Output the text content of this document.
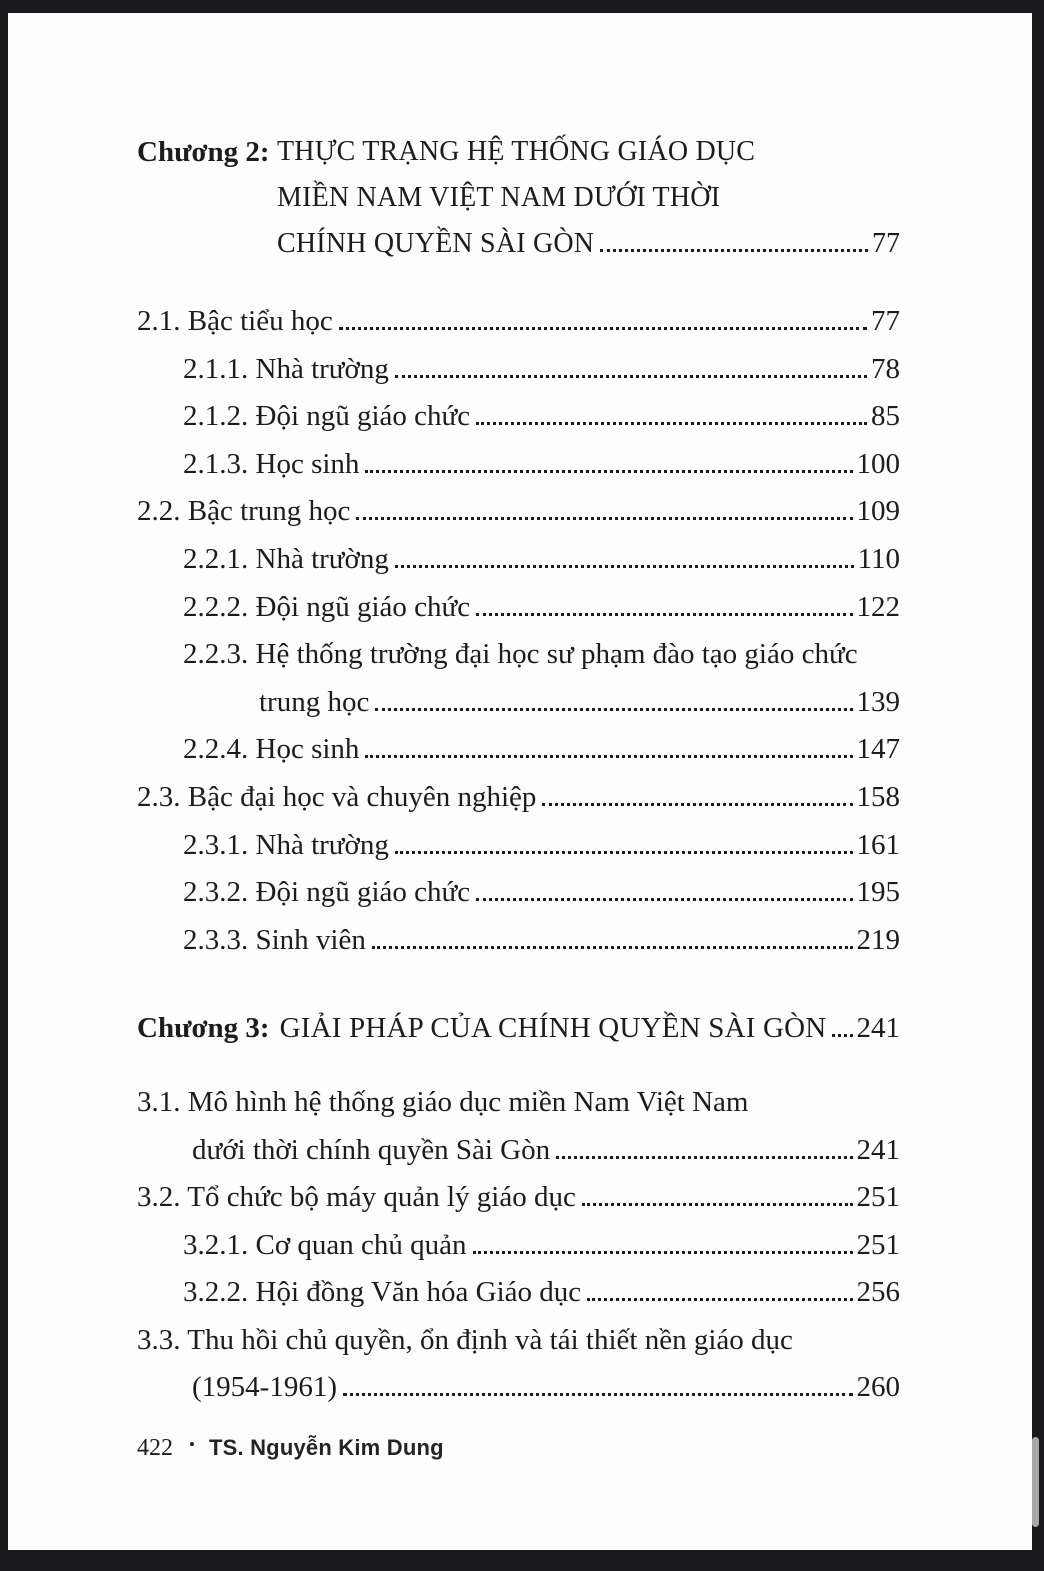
Chương 2: THỰC TRẠNG HỆ THỐNG GIÁO DỤC
MIỀN NAM VIỆT NAM DƯỚI THỜI
CHÍNH QUYỀN SÀI GÒN	77
2.1. Bậc tiểu học	77
2.1.1. Nhà trường	78
2.1.2. Đội ngũ giáo chức	85
2.1.3. Học sinh	100
2.2. Bậc trung học	109
2.2.1. Nhà trường	110
2.2.2. Đội ngũ giáo chức	122
2.2.3. Hệ thống trường đại học sư phạm đào tạo giáo chức
trung học	139
2.2.4. Học sinh	147
2.3. Bậc đại học và chuyên nghiệp	158
2.3.1. Nhà trường	161
2.3.2. Đội ngũ giáo chức	195
2.3.3. Sinh viên	219
Chương 3: GIẢI PHÁP CỦA CHÍNH QUYỀN SÀI GÒN 241
3.1. Mô hình hệ thống giáo dục miền Nam Việt Nam
dưới thời chính quyền Sài Gòn	241
3.2. Tổ chức bộ máy quản lý giáo dục	251
3.2.1. Cơ quan chủ quản	251
3.2.2. Hội đồng Văn hóa Giáo dục	256
3.3. Thu hồi chủ quyền, ổn định và tái thiết nền giáo dục
(1954-1961)	260
422 • TS. Nguyễn Kim Dung
